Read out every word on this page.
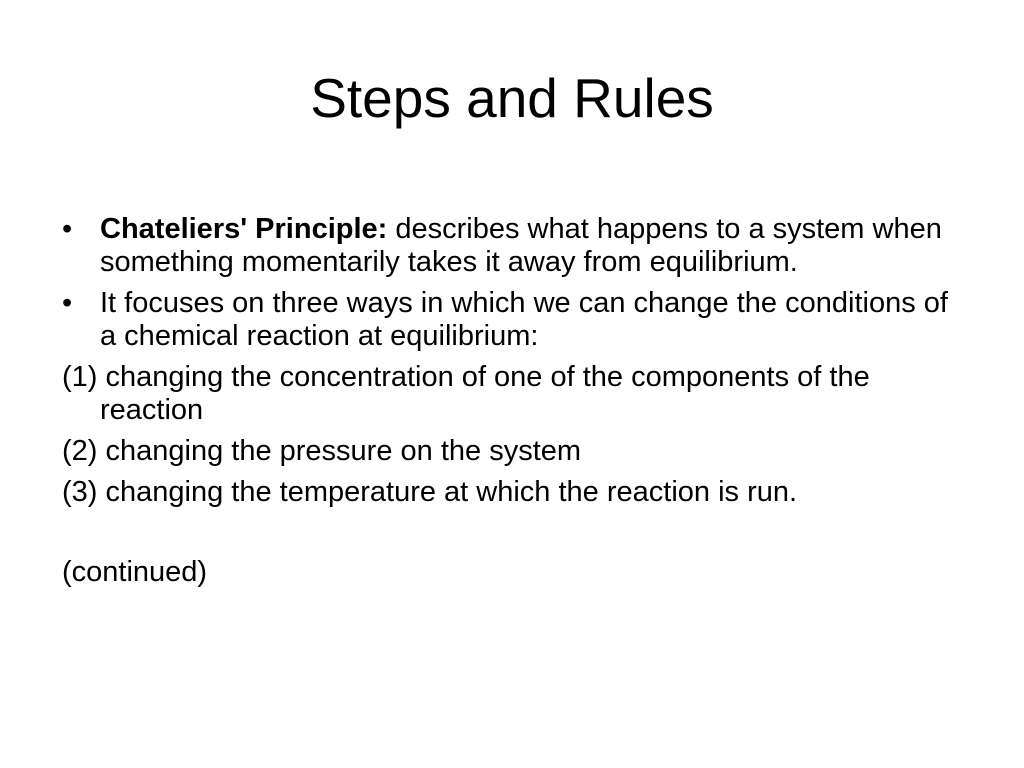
Steps and Rules

• Chateliers' Principle: describes what happens to a system when something momentarily takes it away from equilibrium.

• It focuses on three ways in which we can change the conditions of a chemical reaction at equilibrium:

(1) changing the concentration of one of the components of the reaction

(2) changing the pressure on the system

(3) changing the temperature at which the reaction is run.

(continued)
